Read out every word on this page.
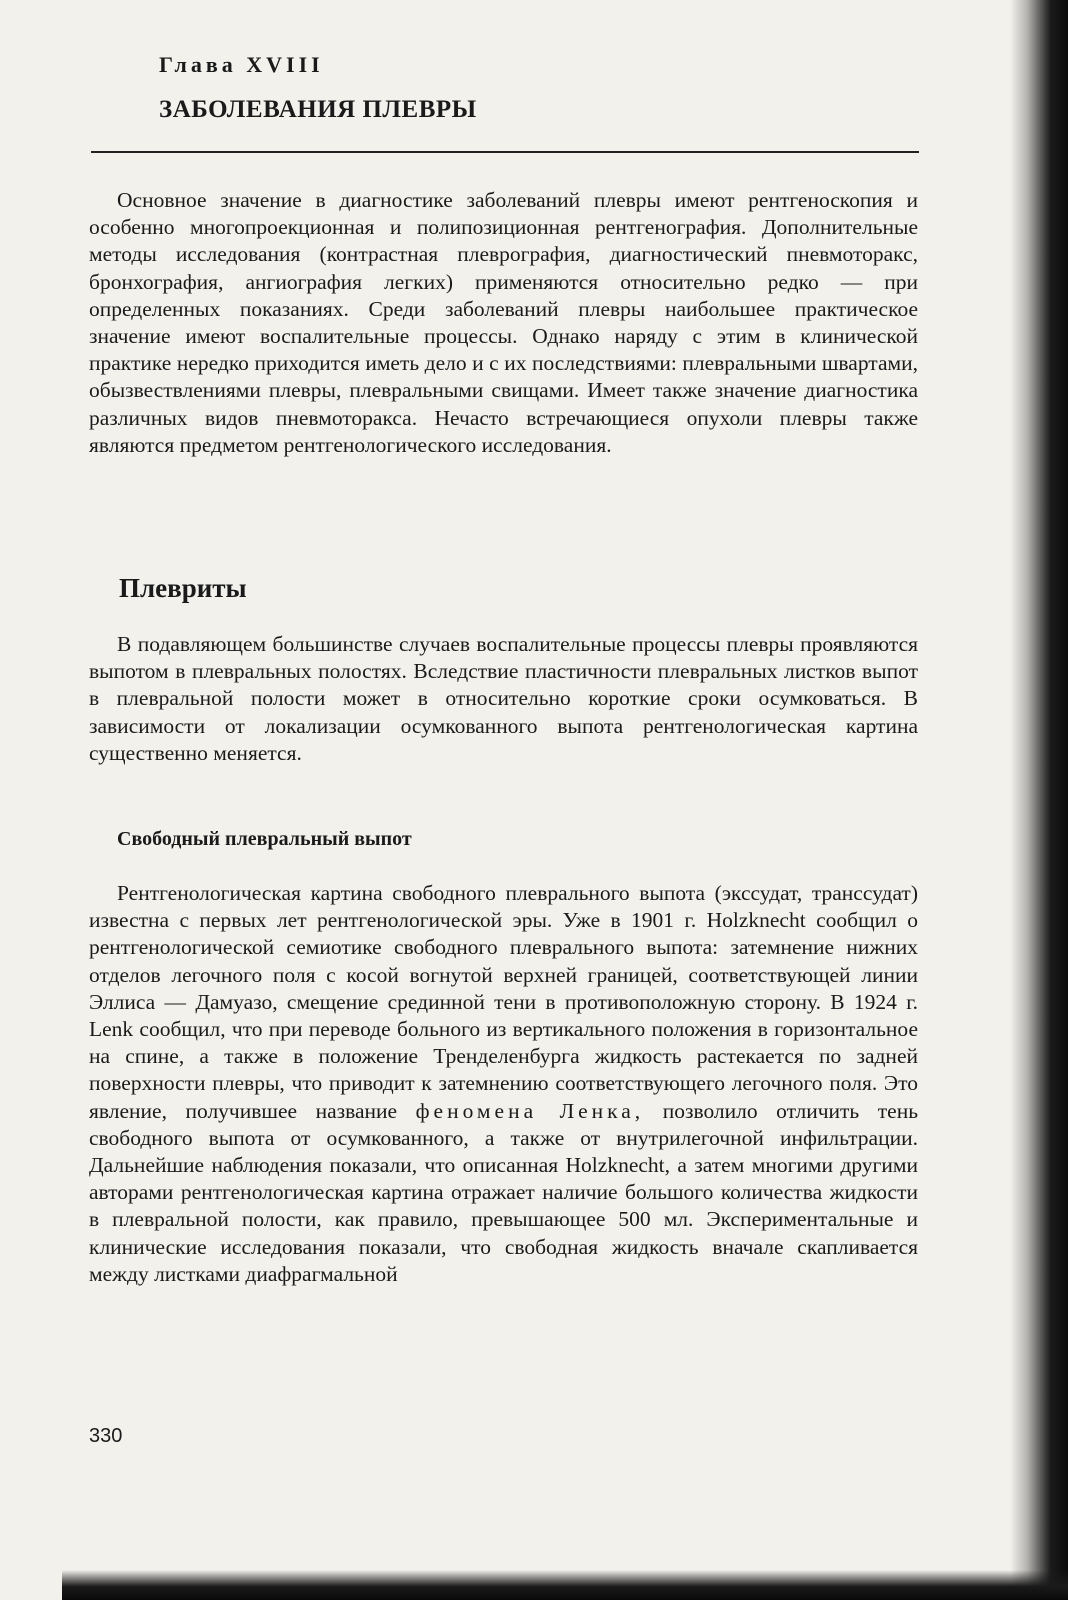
Глава XVIII
ЗАБОЛЕВАНИЯ ПЛЕВРЫ

Основное значение в диагностике заболеваний плевры имеют рентгеноскопия и особенно многопроекционная и полипозиционная рентгенография. Дополнительные методы исследования (контрастная плеврография, диагностический пневмоторакс, бронхография, ангиография легких) применяются относительно редко — при определенных показаниях. Среди заболеваний плевры наибольшее практическое значение имеют воспалительные процессы. Однако наряду с этим в клинической практике нередко приходится иметь дело и с их последствиями: плевральными швартами, обызвествлениями плевры, плевральными свищами. Имеет также значение диагностика различных видов пневмоторакса. Нечасто встречающиеся опухоли плевры также являются предметом рентгенологического исследования.

Плевриты

В подавляющем большинстве случаев воспалительные процессы плевры проявляются выпотом в плевральных полостях. Вследствие пластичности плевральных листков выпот в плевральной полости может в относительно короткие сроки осумковаться. В зависимости от локализации осумкованного выпота рентгенологическая картина существенно меняется.

Свободный плевральный выпот

Рентгенологическая картина свободного плеврального выпота (экссудат, транссудат) известна с первых лет рентгенологической эры. Уже в 1901 г. Holzknecht сообщил о рентгенологической семиотике свободного плеврального выпота: затемнение нижних отделов легочного поля с косой вогнутой верхней границей, соответствующей линии Эллиса — Дамуазо, смещение срединной тени в противоположную сторону. В 1924 г. Lenk сообщил, что при переводе больного из вертикального положения в горизонтальное на спине, а также в положение Тренделенбурга жидкость растекается по задней поверхности плевры, что приводит к затемнению соответствующего легочного поля. Это явление, получившее название феномена Ленка, позволило отличить тень свободного выпота от осумкованного, а также от внутрилегочной инфильтрации. Дальнейшие наблюдения показали, что описанная Holzknecht, а затем многими другими авторами рентгенологическая картина отражает наличие большого количества жидкости в плевральной полости, как правило, превышающее 500 мл. Экспериментальные и клинические исследования показали, что свободная жидкость вначале скапливается между листками диафрагмальной

330
